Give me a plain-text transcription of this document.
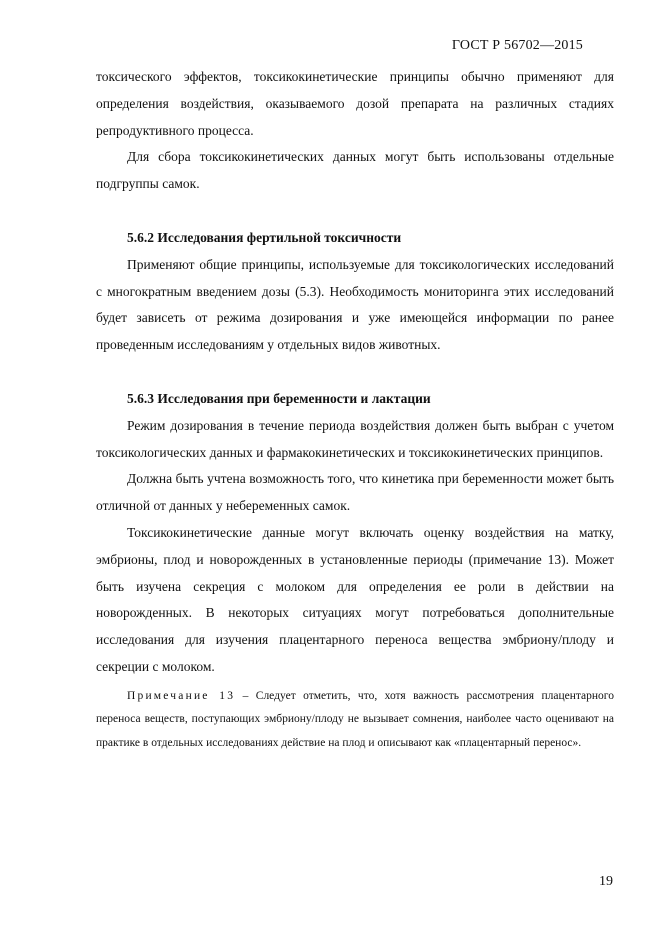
ГОСТ Р 56702—2015

токсического эффектов, токсикокинетические принципы обычно применяют для определения воздействия, оказываемого дозой препарата на различных стадиях репродуктивного процесса.

Для сбора токсикокинетических данных могут быть использованы отдельные подгруппы самок.

5.6.2 Исследования фертильной токсичности

Применяют общие принципы, используемые для токсикологических исследований с многократным введением дозы (5.3). Необходимость мониторинга этих исследований будет зависеть от режима дозирования и уже имеющейся информации по ранее проведенным исследованиям у отдельных видов животных.

5.6.3 Исследования при беременности и лактации

Режим дозирования в течение периода воздействия должен быть выбран с учетом токсикологических данных и фармакокинетических и токсикокинетических принципов.

Должна быть учтена возможность того, что кинетика при беременности может быть отличной от данных у небеременных самок.

Токсикокинетические данные могут включать оценку воздействия на матку, эмбрионы, плод и новорожденных в установленные периоды (примечание 13). Может быть изучена секреция с молоком для определения ее роли в действии на новорожденных. В некоторых ситуациях могут потребоваться дополнительные исследования для изучения плацентарного переноса вещества эмбриону/плоду и секреции с молоком.

Примечание 13 – Следует отметить, что, хотя важность рассмотрения плацентарного переноса веществ, поступающих эмбриону/плоду не вызывает сомнения, наиболее часто оценивают на практике в отдельных исследованиях действие на плод и описывают как «плацентарный перенос».

19
